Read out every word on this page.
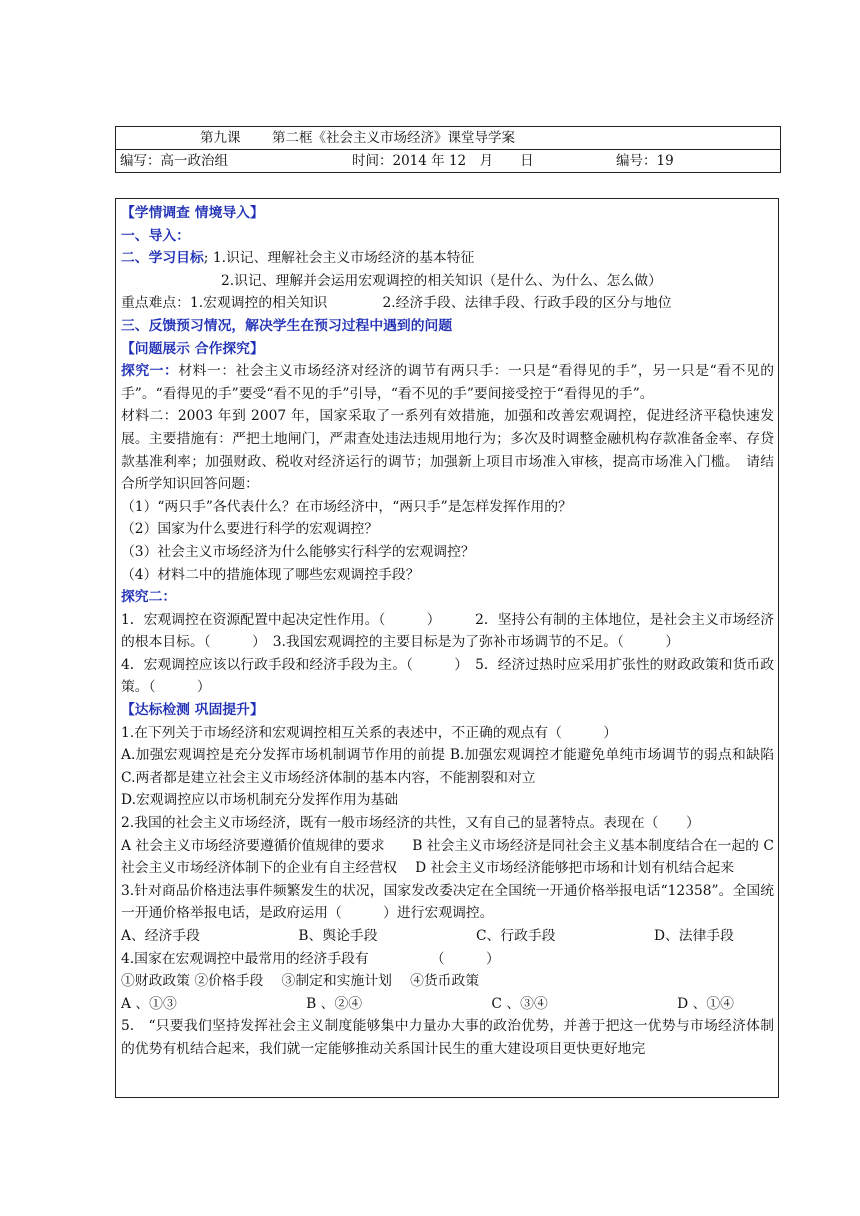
第九课 第二框《社会主义市场经济》课堂导学案
编写：高一政治组	时间：2014 年 12　月　　日	编号：19
【学情调查 情境导入】
一、导入：
二、学习目标; 1.识记、理解社会主义市场经济的基本特征
2.识记、理解并会运用宏观调控的相关知识（是什么、为什么、怎么做）
重点难点：1.宏观调控的相关知识　　　　2.经济手段、法律手段、行政手段的区分与地位
三、反馈预习情况，解决学生在预习过程中遇到的问题
【问题展示 合作探究】
探究一：材料一：社会主义市场经济对经济的调节有两只手：一只是“看得见的手”，另一只是“看不见的手”。“看得见的手”要受“看不见的手”引导，“看不见的手”要间接受控于“看得见的手”。
材料二：2003 年到 2007 年，国家采取了一系列有效措施，加强和改善宏观调控，促进经济平稳快速发展。主要措施有：严把土地闸门，严肃查处违法违规用地行为；多次及时调整金融机构存款准备金率、存贷款基准利率；加强财政、税收对经济运行的调节；加强新上项目市场准入审核，提高市场准入门槛。　请结合所学知识回答问题：
（1）“两只手”各代表什么？在市场经济中，“两只手”是怎样发挥作用的？
（2）国家为什么要进行科学的宏观调控？
（3）社会主义市场经济为什么能够实行科学的宏观调控？
（4）材料二中的措施体现了哪些宏观调控手段？
探究二：
1．宏观调控在资源配置中起决定性作用。（　　　）　　　2．坚持公有制的主体地位，是社会主义市场经济的根本目标。（　　　）　3.我国宏观调控的主要目标是为了弥补市场调节的不足。（　　　）
4．宏观调控应该以行政手段和经济手段为主。（　　　）　5．经济过热时应采用扩张性的财政政策和货币政策。（　　　）
【达标检测 巩固提升】
1.在下列关于市场经济和宏观调控相互关系的表述中，不正确的观点有（　　　）
A.加强宏观调控是充分发挥市场机制调节作用的前提 B.加强宏观调控才能避免单纯市场调节的弱点和缺陷 C.两者都是建立社会主义市场经济体制的基本内容，不能割裂和对立
D.宏观调控应以市场机制充分发挥作用为基础
2.我国的社会主义市场经济，既有一般市场经济的共性，又有自己的显著特点。表现在（　　）
A 社会主义市场经济要遵循价值规律的要求　　B 社会主义市场经济是同社会主义基本制度结合在一起的 C 社会主义市场经济体制下的企业有自主经营权　 D 社会主义市场经济能够把市场和计划有机结合起来
3.针对商品价格违法事件频繁发生的状况，国家发改委决定在全国统一开通价格举报电话“12358”。全国统一开通价格举报电话，是政府运用（　　　）进行宏观调控。
A、经济手段	B、舆论手段	C、行政手段	D、法律手段
4.国家在宏观调控中最常用的经济手段有　　　　　（　　　）
①财政政策 ②价格手段　 ③制定和实施计划　 ④货币政策
A 、①③	B 、②④	C 、③④	D 、①④
5.　“只要我们坚持发挥社会主义制度能够集中力量办大事的政治优势，并善于把这一优势与市场经济体制的优势有机结合起来，我们就一定能够推动关系国计民生的重大建设项目更快更好地完
